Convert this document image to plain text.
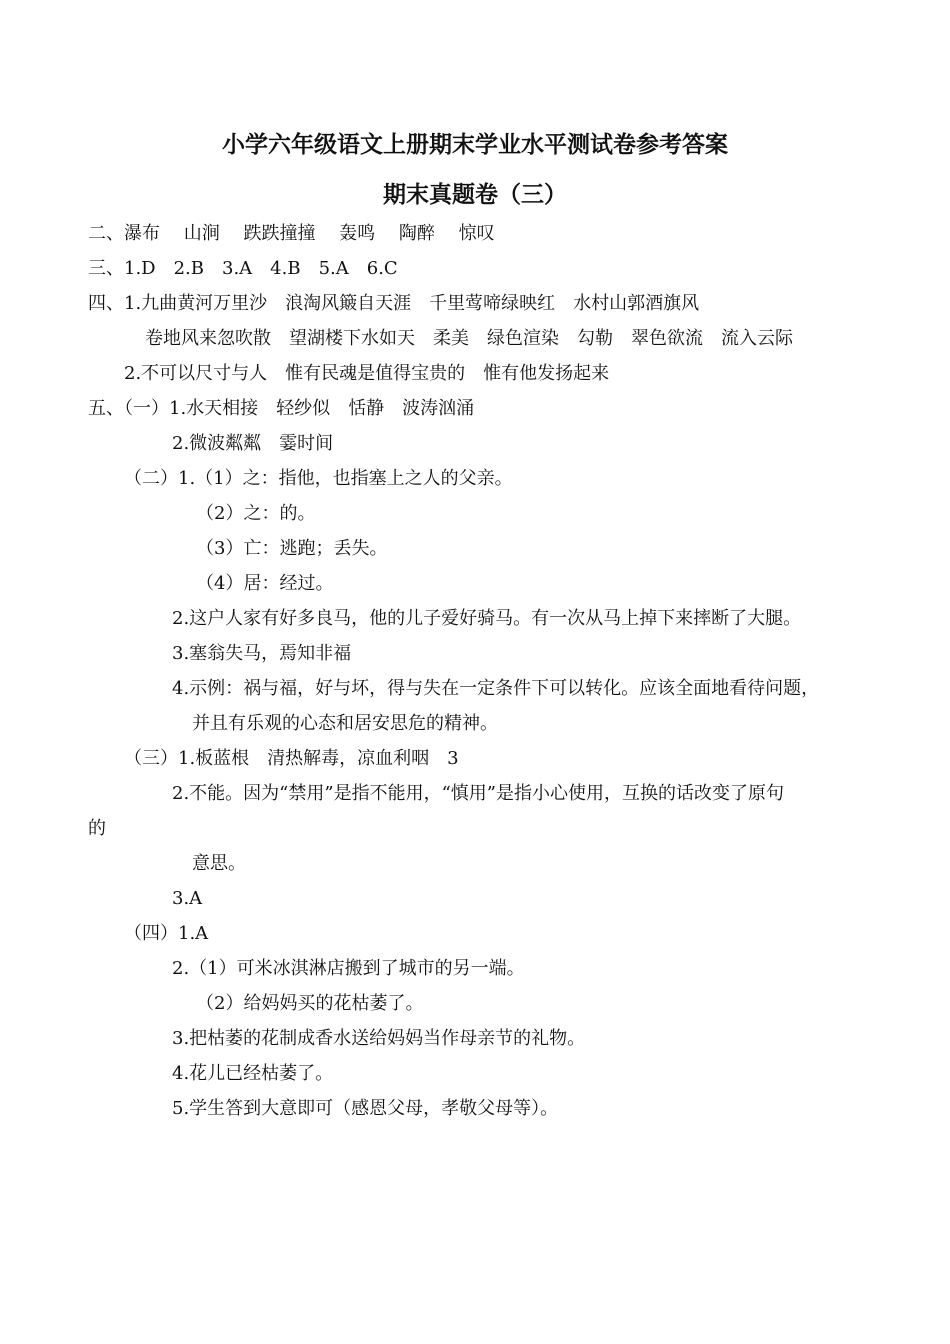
小学六年级语文上册期末学业水平测试卷参考答案
期末真题卷（三）
二、瀑布　 山涧　 跌跌撞撞　 轰鸣　 陶醉　 惊叹
三、1.D　2.B　3.A　4.B　5.A　6.C
四、1.九曲黄河万里沙　浪淘风簸自天涯　千里莺啼绿映红　水村山郭酒旗风
卷地风来忽吹散　望湖楼下水如天　柔美　绿色渲染　勾勒　翠色欲流　流入云际
2.不可以尺寸与人　惟有民魂是值得宝贵的　惟有他发扬起来
五、（一）1.水天相接　轻纱似　恬静　波涛汹涌
2.微波粼粼　霎时间
（二）1.（1）之：指他，也指塞上之人的父亲。
（2）之：的。
（3）亡：逃跑；丢失。
（4）居：经过。
2.这户人家有好多良马，他的儿子爱好骑马。有一次从马上掉下来摔断了大腿。
3.塞翁失马，焉知非福
4.示例：祸与福，好与坏，得与失在一定条件下可以转化。应该全面地看待问题，
并且有乐观的心态和居安思危的精神。
（三）1.板蓝根　清热解毒，凉血利咽　3
2.不能。因为“禁用”是指不能用，“慎用”是指小心使用，互换的话改变了原句
的
意思。
3.A
（四）1.A
2.（1）可米冰淇淋店搬到了城市的另一端。
（2）给妈妈买的花枯萎了。
3.把枯萎的花制成香水送给妈妈当作母亲节的礼物。
4.花儿已经枯萎了。
5.学生答到大意即可（感恩父母，孝敬父母等）。
